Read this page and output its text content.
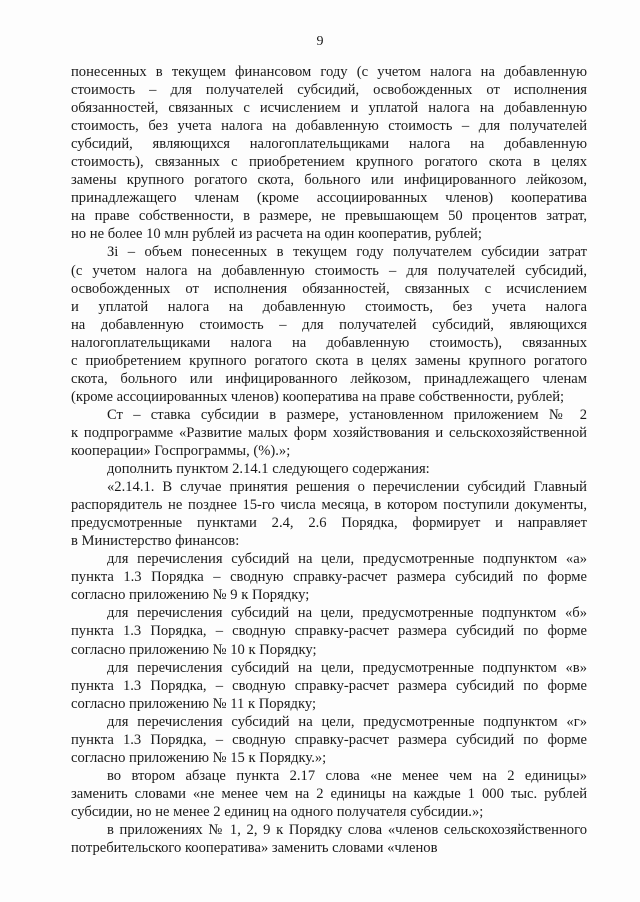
9
понесенных в текущем финансовом году (с учетом налога на добавленную
стоимость – для получателей субсидий, освобожденных от исполнения
обязанностей, связанных с исчислением и уплатой налога на добавленную
стоимость, без учета налога на добавленную стоимость – для получателей
субсидий, являющихся налогоплательщиками налога на добавленную
стоимость), связанных с приобретением крупного рогатого скота в целях
замены крупного рогатого скота, больного или инфицированного лейкозом,
принадлежащего членам (кроме ассоциированных членов) кооператива
на праве собственности, в размере, не превышающем 50 процентов затрат,
но не более 10 млн рублей из расчета на один кооператив, рублей;
Зi – объем понесенных в текущем году получателем субсидии затрат
(с учетом налога на добавленную стоимость – для получателей субсидий,
освобожденных от исполнения обязанностей, связанных с исчислением
и уплатой налога на добавленную стоимость, без учета налога
на добавленную стоимость – для получателей субсидий, являющихся
налогоплательщиками налога на добавленную стоимость), связанных
с приобретением крупного рогатого скота в целях замены крупного рогатого
скота, больного или инфицированного лейкозом, принадлежащего членам
(кроме ассоциированных членов) кооператива на праве собственности, рублей;
Ст – ставка субсидии в размере, установленном приложением № 2
к подпрограмме «Развитие малых форм хозяйствования и сельскохозяйственной
кооперации» Госпрограммы, (%).»;
дополнить пунктом 2.14.1 следующего содержания:
«2.14.1. В случае принятия решения о перечислении субсидий Главный
распорядитель не позднее 15-го числа месяца, в котором поступили документы,
предусмотренные пунктами 2.4, 2.6 Порядка, формирует и направляет
в Министерство финансов:
для перечисления субсидий на цели, предусмотренные подпунктом «а»
пункта 1.3 Порядка – сводную справку-расчет размера субсидий по форме
согласно приложению № 9 к Порядку;
для перечисления субсидий на цели, предусмотренные подпунктом «б»
пункта 1.3 Порядка, – сводную справку-расчет размера субсидий по форме
согласно приложению № 10 к Порядку;
для перечисления субсидий на цели, предусмотренные подпунктом «в»
пункта 1.3 Порядка, – сводную справку-расчет размера субсидий по форме
согласно приложению № 11 к Порядку;
для перечисления субсидий на цели, предусмотренные подпунктом «г»
пункта 1.3 Порядка, – сводную справку-расчет размера субсидий по форме
согласно приложению № 15 к Порядку.»;
во втором абзаце пункта 2.17 слова «не менее чем на 2 единицы»
заменить словами «не менее чем на 2 единицы на каждые 1 000 тыс. рублей
субсидии, но не менее 2 единиц на одного получателя субсидии.»;
в приложениях № 1, 2, 9 к Порядку слова «членов сельскохозяйственного
потребительского кооператива» заменить словами «членов
